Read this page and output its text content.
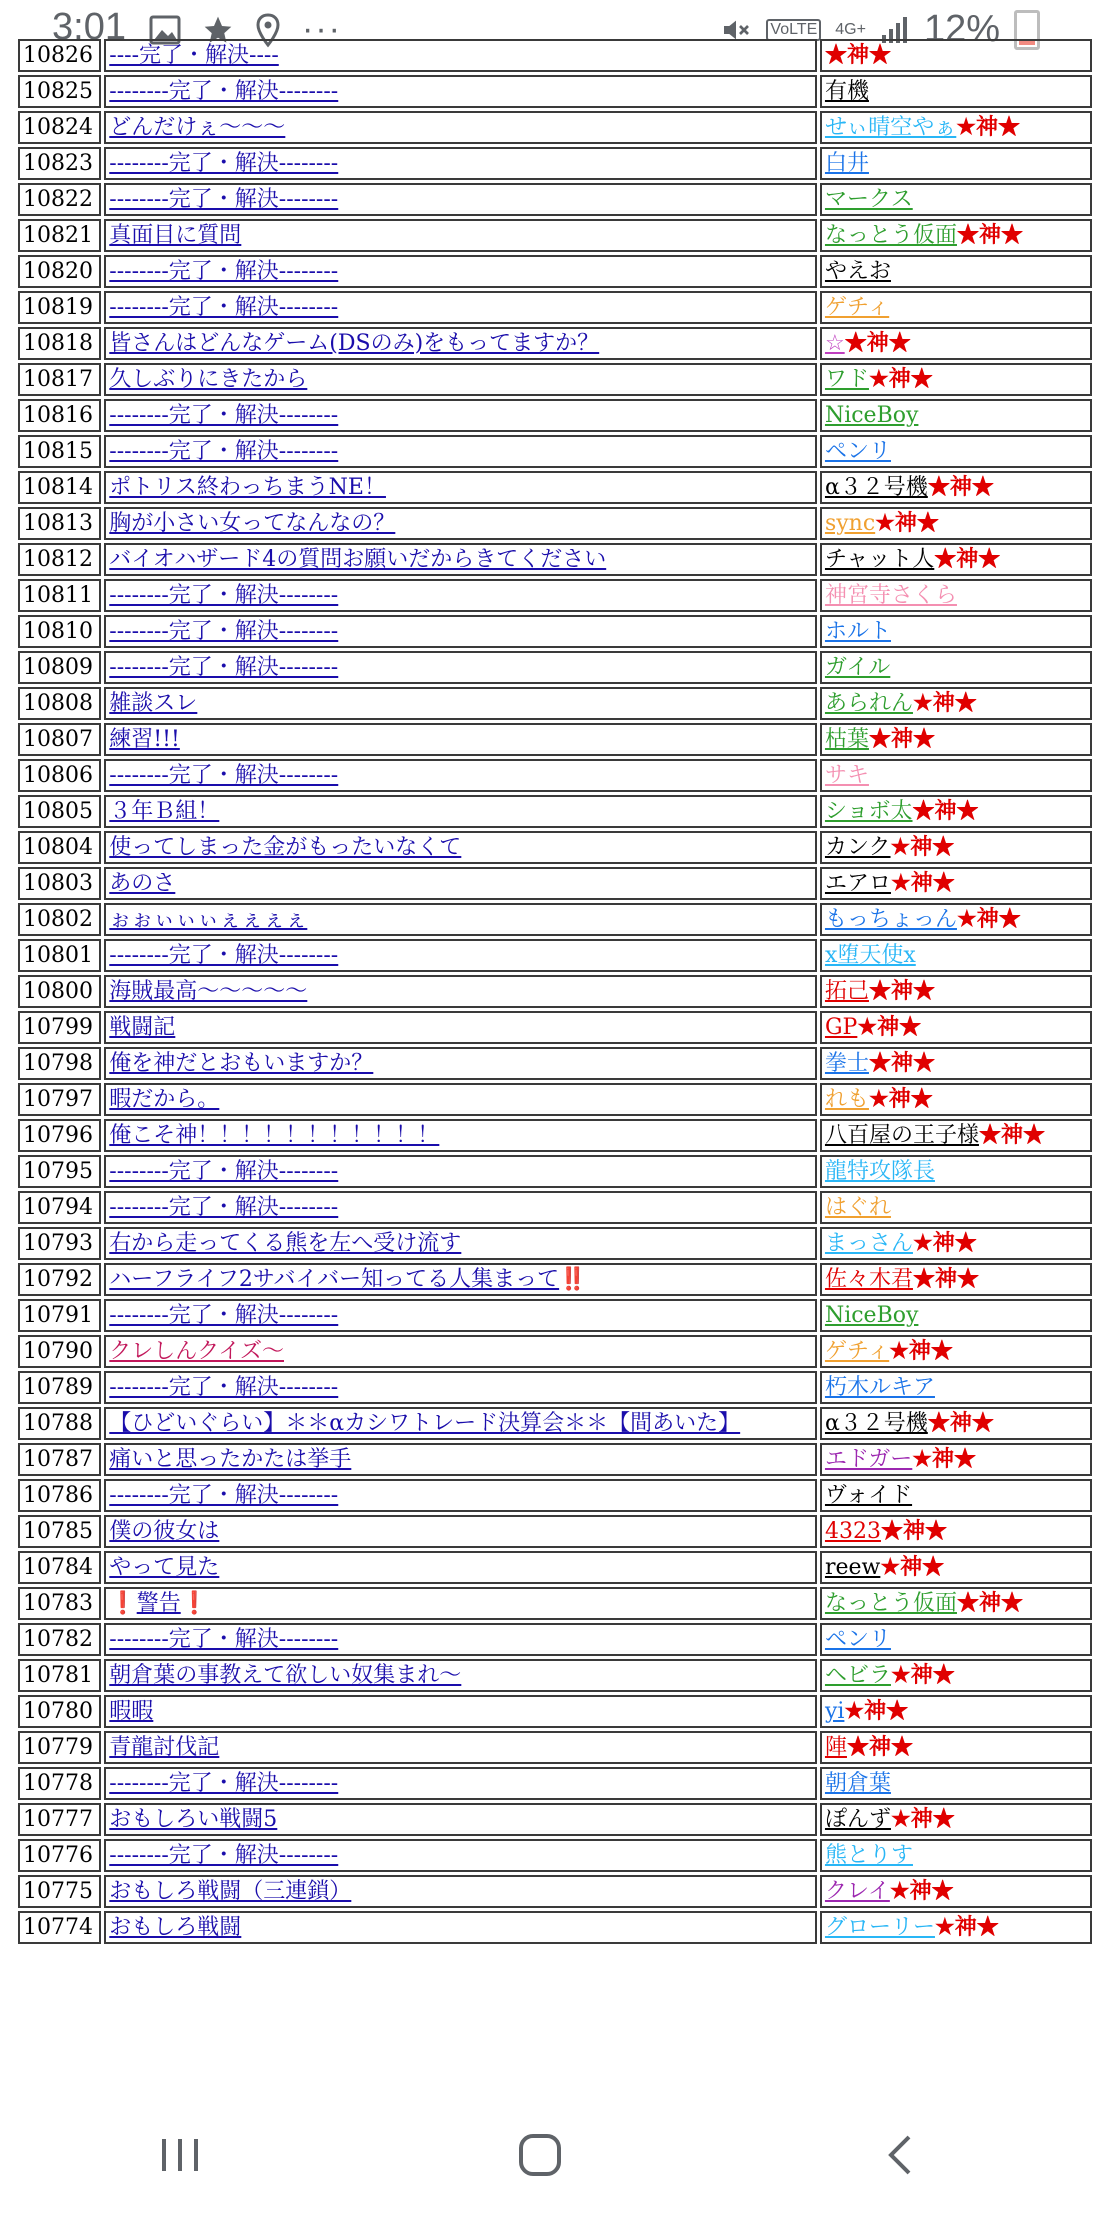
3:01	···	VoLTE 4G+ 12%
10826	----完了・解決----	★神★
10825	--------完了・解決--------	有機
10824	どんだけぇ〜〜〜	せぃ晴空やぁ★神★
10823	--------完了・解決--------	白井
10822	--------完了・解決--------	マークス
10821	真面目に質問	なっとう仮面★神★
10820	--------完了・解決--------	やえお
10819	--------完了・解決--------	ゲチィ
10818	皆さんはどんなゲーム(DSのみ)をもってますか？	☆★神★
10817	久しぶりにきたから	ワド★神★
10816	--------完了・解決--------	NiceBoy
10815	--------完了・解決--------	ペンリ
10814	ポトリス終わっちまうNE！	α３２号機★神★
10813	胸が小さい女ってなんなの？	sync★神★
10812	バイオハザード4の質問お願いだからきてください	チャット人★神★
10811	--------完了・解決--------	神宮寺さくら
10810	--------完了・解決--------	ホルト
10809	--------完了・解決--------	ガイル
10808	雑談スレ	あられん★神★
10807	練習!!!	枯葉★神★
10806	--------完了・解決--------	サキ
10805	３年Ｂ組！	ショボ太★神★
10804	使ってしまった金がもったいなくて	カンク★神★
10803	あのさ	エアロ★神★
10802	ぉぉぃぃぃぇぇぇぇ	もっちょっん★神★
10801	--------完了・解決--------	x堕天使x
10800	海賊最高〜〜〜〜〜	拓己★神★
10799	戦闘記	GP★神★
10798	俺を神だとおもいますか？	拳士★神★
10797	暇だから。	れも★神★
10796	俺こそ神！！！！！！！！！！！	八百屋の王子様★神★
10795	--------完了・解決--------	龍特攻隊長
10794	--------完了・解決--------	はぐれ
10793	右から走ってくる熊を左へ受け流す	まっさん★神★
10792	ハーフライフ2サバイバー知ってる人集まって‼️	佐々木君★神★
10791	--------完了・解決--------	NiceBoy
10790	クレしんクイズ〜	ゲチィ★神★
10789	--------完了・解決--------	朽木ルキア
10788	【ひどいぐらい】＊＊αカシワトレード決算会＊＊【間あいた】	α３２号機★神★
10787	痛いと思ったかたは挙手	エドガー★神★
10786	--------完了・解決--------	ヴォイド
10785	僕の彼女は	4323★神★
10784	やって見た	reew★神★
10783	❗警告❗	なっとう仮面★神★
10782	--------完了・解決--------	ペンリ
10781	朝倉葉の事教えて欲しい奴集まれ〜	ヘビラ★神★
10780	暇暇	yi★神★
10779	青龍討伐記	陣★神★
10778	--------完了・解決--------	朝倉葉
10777	おもしろい戦闘5	ぽんず★神★
10776	--------完了・解決--------	熊とりす
10775	おもしろ戦闘（三連鎖）	クレイ★神★
10774	おもしろ戦闘	グローリー★神★
